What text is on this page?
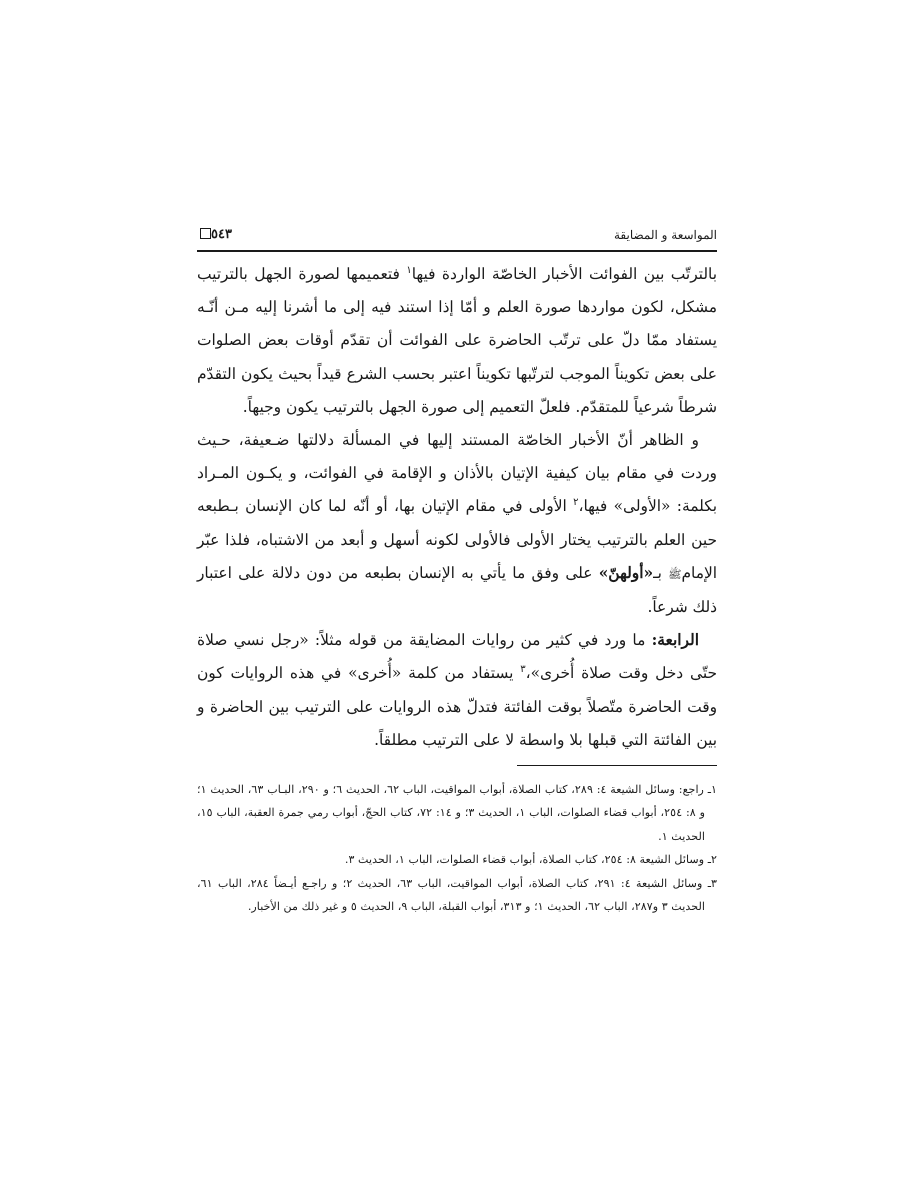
المواسعة و المضايقة
٥٤٣

بالترتّب بين الفوائت الأخبار الخاصّة الواردة فيها$^١$ فتعميمها لصورة الجهل بالترتيب مشكل، لكون مواردها صورة العلم و أمّا إذا استند فيه إلى ما أشرنا إليه مـن أنّـه يستفاد ممّا دلّ على ترتّب الحاضرة على الفوائت أن تقدّم أوقات بعض الصلوات على بعض تكويناً الموجب لترتّبها تكويناً اعتبر بحسب الشرع قيداً بحيث يكون التقدّم شرطاً شرعياً للمتقدّم. فلعلّ التعميم إلى صورة الجهل بالترتيب يكون وجيهاً.

و الظاهر أنّ الأخبار الخاصّة المستند إليها في المسألة دلالتها ضـعيفة، حـيث وردت في مقام بيان كيفية الإتيان بالأذان و الإقامة في الفوائت، و يكـون المـراد بكلمة: «الأولى» فيها،$^٢$ الأولى في مقام الإتيان بها، أو أنّه لما كان الإنسان بـطبعه حين العلم بالترتيب يختار الأولى فالأولى لكونه أسهل و أبعد من الاشتباه، فلذا عبّر الإمامﷺ بـ«أولهنّ» على وفق ما يأتي به الإنسان بطبعه من دون دلالة على اعتبار ذلك شرعاً.

الرابعة: ما ورد في كثير من روايات المضايقة من قوله مثلاً: «رجل نسي صلاة حتّى دخل وقت صلاة أُخرى»،$^٣$ يستفاد من كلمة «أُخرى» في هذه الروايات كون وقت الحاضرة متّصلاً بوقت الفائتة فتدلّ هذه الروايات على الترتيب بين الحاضرة و بين الفائتة التي قبلها بلا واسطة لا على الترتيب مطلقاً.

١ـ راجع: وسائل الشيعة ٤: ٢٨٩، كتاب الصلاة، أبواب المواقيت، الباب ٦٢، الحديث ٦؛ و ٢٩٠، البـاب ٦٣، الحديث ١؛ و ٨: ٢٥٤، أبواب قضاء الصلوات، الباب ١، الحديث ٣؛ و ١٤: ٧٢، كتاب الحجّ، أبواب رمي جمرة العقبة، الباب ١٥، الحديث ١.

٢ـ وسائل الشيعة ٨: ٢٥٤، كتاب الصلاة، أبواب قضاء الصلوات، الباب ١، الحديث ٣.

٣ـ وسائل الشيعة ٤: ٢٩١، كتاب الصلاة، أبواب المواقيت، الباب ٦٣، الحديث ٢؛ و راجـع أيـضاً ٢٨٤، الباب ٦١، الحديث ٣ و٢٨٧، الباب ٦٢، الحديث ١؛ و ٣١٣، أبواب القبلة، الباب ٩، الحديث ٥ و غير ذلك من الأخبار.
